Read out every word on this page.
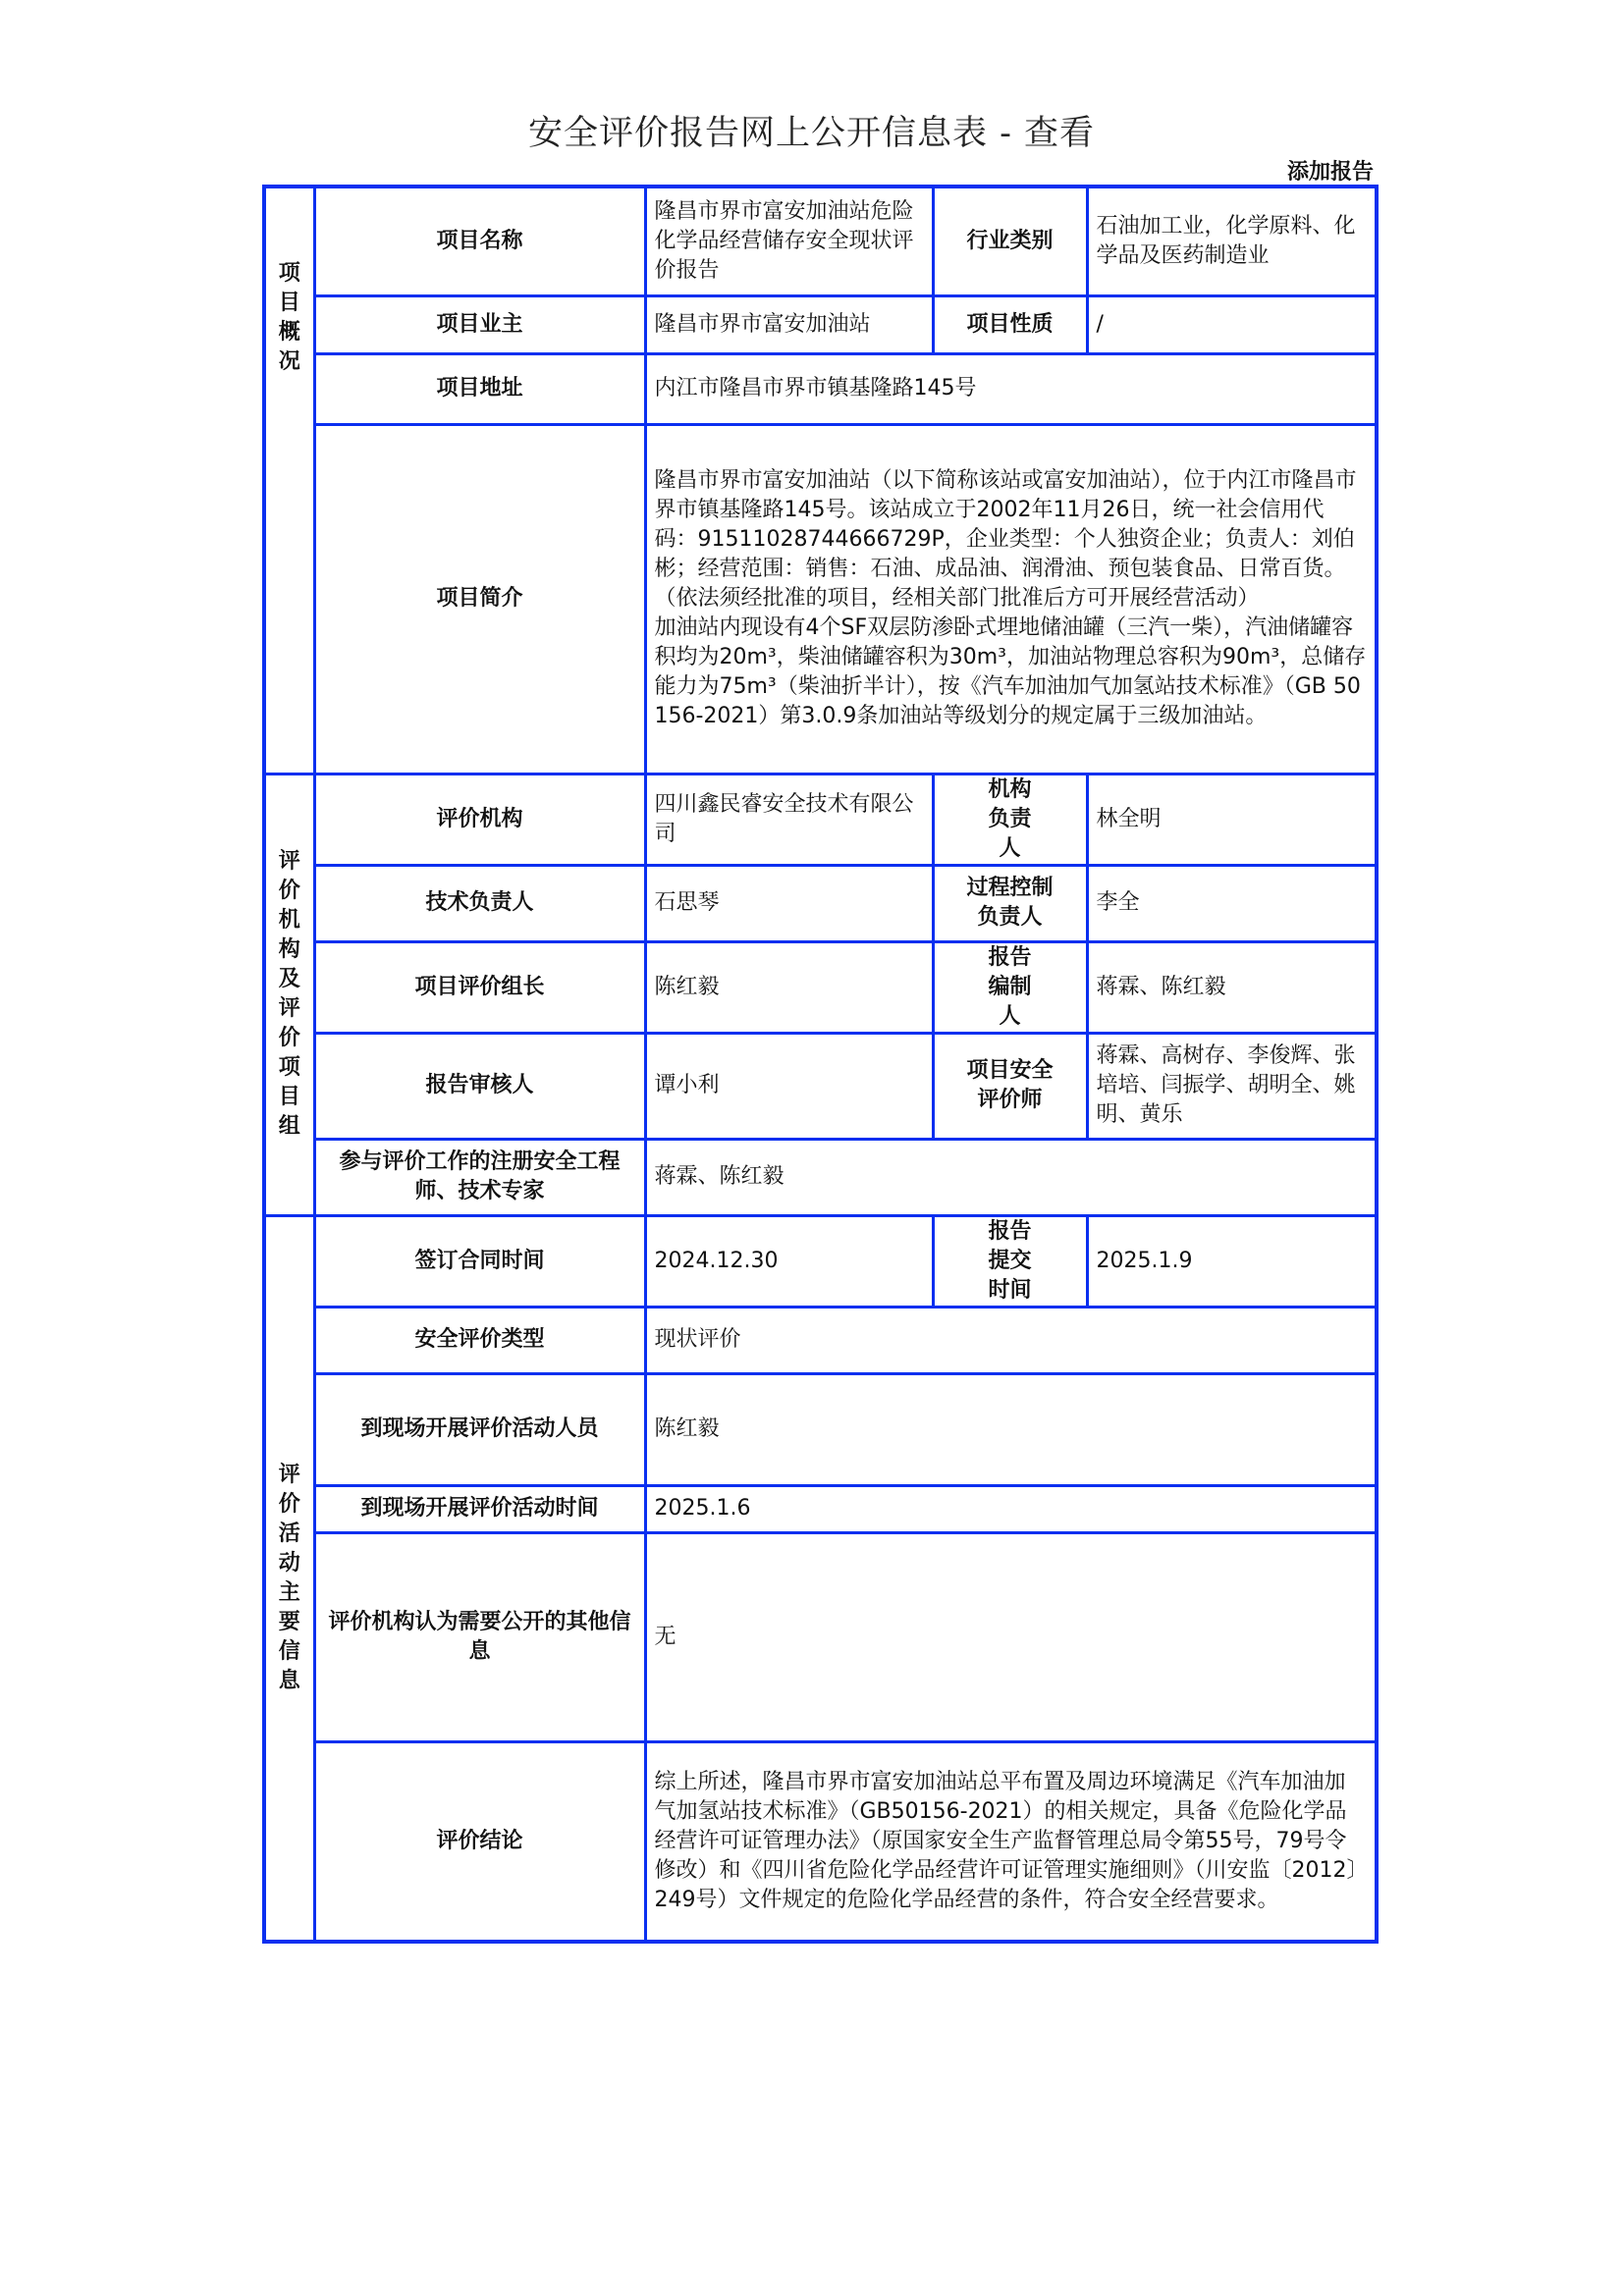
安全评价报告网上公开信息表 - 查看
添加报告
项目概况	项目名称	隆昌市界市富安加油站危险化学品经营储存安全现状评价报告	行业类别	石油加工业，化学原料、化学品及医药制造业
	项目业主	隆昌市界市富安加油站	项目性质	/
	项目地址	内江市隆昌市界市镇基隆路145号		
	项目简介	隆昌市界市富安加油站（以下简称该站或富安加油站），位于内江市隆昌市界市镇基隆路145号。该站成立于2002年11月26日，统一社会信用代码：915110287446667​29P，企业类型：个人独资企业；负责人：刘伯彬；经营范围：销售：石油、成品油、润滑油、预包装食品、日常百货。（依法须经批准的项目，经相关部门批准后方可开展经营活动）
加油站内现设有4个SF双层防渗卧式埋地储油罐（三汽一柴），汽油储罐容积均为20m³，柴油储罐容积为30m³，加油站物理总容积为90m³，总储存能力为75m³（柴油折半计），按《汽车加油加气加氢站技术标准》（GB 50156-2021）第3.0.9条加油站等级划分的规定属于三级加油站。		

评价机构及评价项目组	评价机构	四川鑫民睿安全技术有限公司	机构负责人	林全明
	技术负责人	石思琴	过程控制负责人	李全
	项目评价组长	陈红毅	报告编制人	蒋霖、陈红毅
	报告审核人	谭小利	项目安全评价师	蒋霖、高树存、李俊辉、张培培、闫振学、胡明全、姚明、黄乐

	参与评价工作的注册安全工程师、技术专家	蒋霖、陈红毅		
评价活动主要信息	签订合同时间	2024.12.30	报告提交时间	2025.1.9
	安全评价类型	现状评价		
	到现场开展评价活动人员	陈红毅		
	到现场开展评价活动时间	2025.1.6		

	评价机构认为需要公开的其他信息	无		
	评价结论	综上所述，隆昌市界市富安加油站总平布置及周边环境满足《汽车加油加气加氢站技术标准》（GB50156-2021）的相关规定，具备《危险化学品经营许可证管理办法》（原国家安全生产监督管理总局令第55号，79号令修改）和《四川省危险化学品经营许可证管理实施细则》（川安监〔2012〕249号）文件规定的危险化学品经营的条件，符合安全经营要求。		
